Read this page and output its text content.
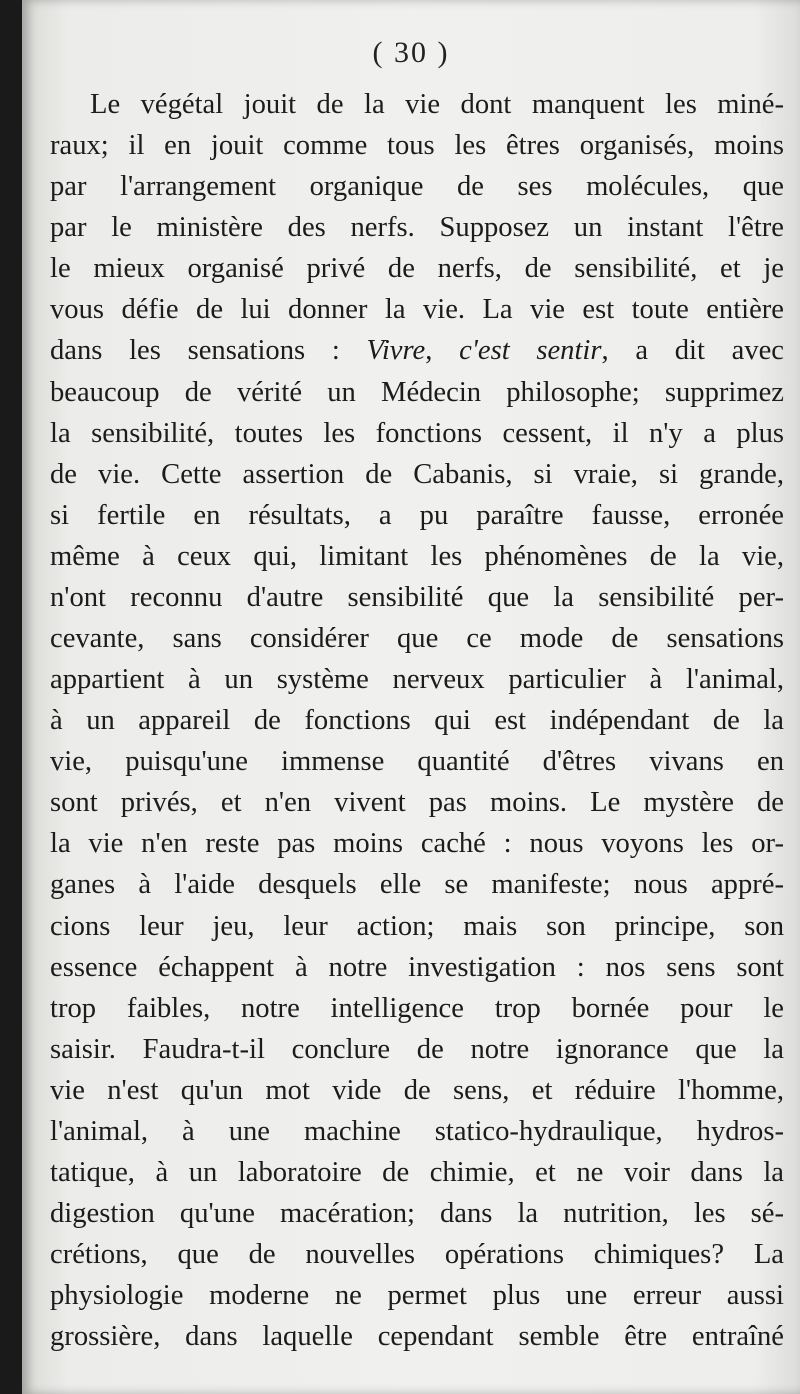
( 30 )
Le végétal jouit de la vie dont manquent les miné-
raux; il en jouit comme tous les êtres organisés, moins
par l'arrangement organique de ses molécules, que
par le ministère des nerfs. Supposez un instant l'être
le mieux organisé privé de nerfs, de sensibilité, et je
vous défie de lui donner la vie. La vie est toute entière
dans les sensations : Vivre, c'est sentir, a dit avec
beaucoup de vérité un Médecin philosophe; supprimez
la sensibilité, toutes les fonctions cessent, il n'y a plus
de vie. Cette assertion de Cabanis, si vraie, si grande,
si fertile en résultats, a pu paraître fausse, erronée
même à ceux qui, limitant les phénomènes de la vie,
n'ont reconnu d'autre sensibilité que la sensibilité per-
cevante, sans considérer que ce mode de sensations
appartient à un système nerveux particulier à l'animal,
à un appareil de fonctions qui est indépendant de la
vie, puisqu'une immense quantité d'êtres vivans en
sont privés, et n'en vivent pas moins. Le mystère de
la vie n'en reste pas moins caché : nous voyons les or-
ganes à l'aide desquels elle se manifeste; nous appré-
cions leur jeu, leur action; mais son principe, son
essence échappent à notre investigation : nos sens sont
trop faibles, notre intelligence trop bornée pour le
saisir. Faudra-t-il conclure de notre ignorance que la
vie n'est qu'un mot vide de sens, et réduire l'homme,
l'animal, à une machine statico-hydraulique, hydros-
tatique, à un laboratoire de chimie, et ne voir dans la
digestion qu'une macération; dans la nutrition, les sé-
crétions, que de nouvelles opérations chimiques? La
physiologie moderne ne permet plus une erreur aussi
grossière, dans laquelle cependant semble être entraîné
